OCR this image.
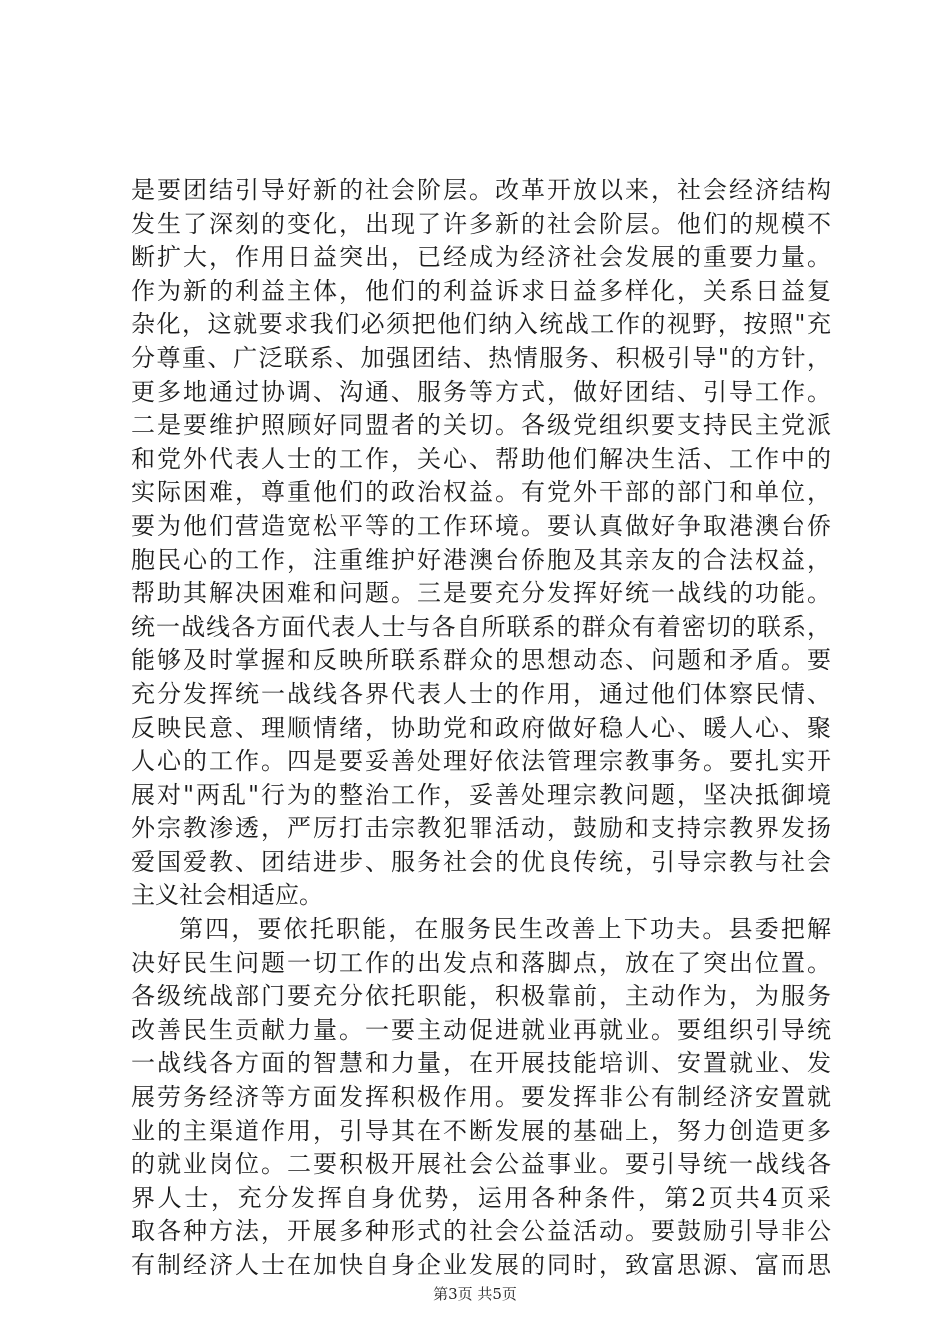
是要团结引导好新的社会阶层。改革开放以来，社会经济结构
发生了深刻的变化，出现了许多新的社会阶层。他们的规模不
断扩大，作用日益突出，已经成为经济社会发展的重要力量。
作为新的利益主体，他们的利益诉求日益多样化，关系日益复
杂化，这就要求我们必须把他们纳入统战工作的视野，按照"充
分尊重、广泛联系、加强团结、热情服务、积极引导"的方针，
更多地通过协调、沟通、服务等方式，做好团结、引导工作。
二是要维护照顾好同盟者的关切。各级党组织要支持民主党派
和党外代表人士的工作，关心、帮助他们解决生活、工作中的
实际困难，尊重他们的政治权益。有党外干部的部门和单位，
要为他们营造宽松平等的工作环境。要认真做好争取港澳台侨
胞民心的工作，注重维护好港澳台侨胞及其亲友的合法权益，
帮助其解决困难和问题。三是要充分发挥好统一战线的功能。
统一战线各方面代表人士与各自所联系的群众有着密切的联系，
能够及时掌握和反映所联系群众的思想动态、问题和矛盾。要
充分发挥统一战线各界代表人士的作用，通过他们体察民情、
反映民意、理顺情绪，协助党和政府做好稳人心、暖人心、聚
人心的工作。四是要妥善处理好依法管理宗教事务。要扎实开
展对"两乱"行为的整治工作，妥善处理宗教问题，坚决抵御境
外宗教渗透，严厉打击宗教犯罪活动，鼓励和支持宗教界发扬
爱国爱教、团结进步、服务社会的优良传统，引导宗教与社会
主义社会相适应。
第四，要依托职能，在服务民生改善上下功夫。县委把解
决好民生问题一切工作的出发点和落脚点，放在了突出位置。
各级统战部门要充分依托职能，积极靠前，主动作为，为服务
改善民生贡献力量。一要主动促进就业再就业。要组织引导统
一战线各方面的智慧和力量，在开展技能培训、安置就业、发
展劳务经济等方面发挥积极作用。要发挥非公有制经济安置就
业的主渠道作用，引导其在不断发展的基础上，努力创造更多
的就业岗位。二要积极开展社会公益事业。要引导统一战线各
界人士，充分发挥自身优势，运用各种条件，第2页共4页采
取各种方法，开展多种形式的社会公益活动。要鼓励引导非公
有制经济人士在加快自身企业发展的同时，致富思源、富而思
第3页 共5页
